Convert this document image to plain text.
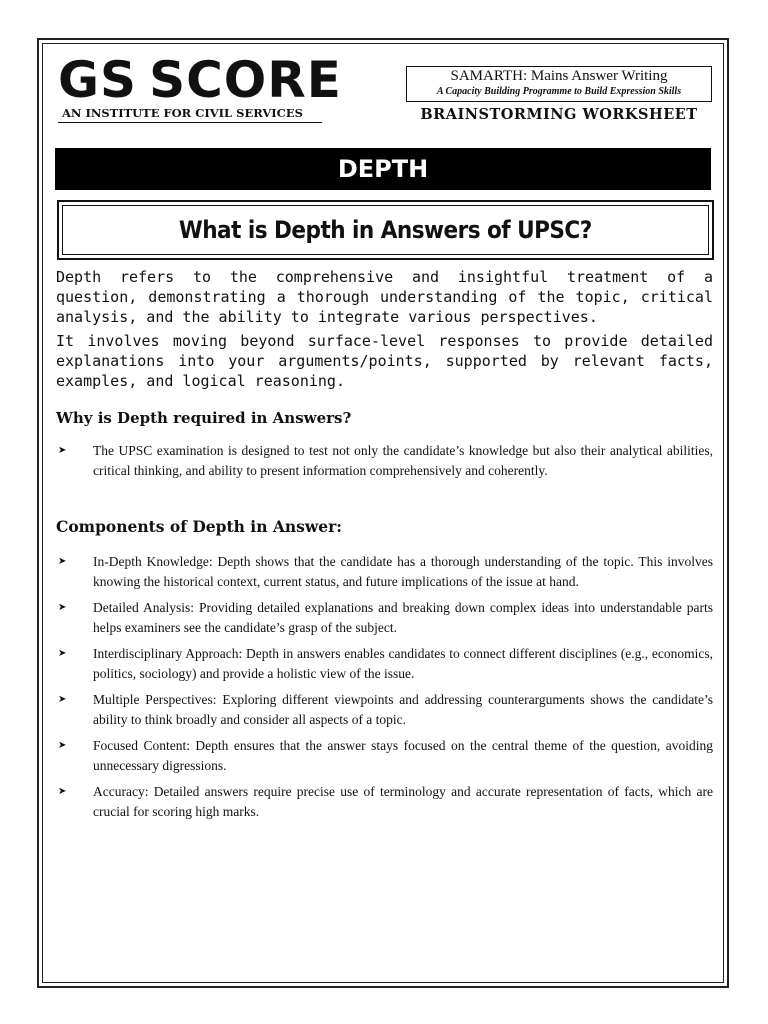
GS SCORE
AN INSTITUTE FOR CIVIL SERVICES
SAMARTH: Mains Answer Writing
A Capacity Building Programme to Build Expression Skills
BRAINSTORMING WORKSHEET
DEPTH
What is Depth in Answers of UPSC?

Depth refers to the comprehensive and insightful treatment of a question, demonstrating a thorough understanding of the topic, critical analysis, and the ability to integrate various perspectives.

It involves moving beyond surface-level responses to provide detailed explanations into your arguments/points, supported by relevant facts, examples, and logical reasoning.

Why is Depth required in Answers?
➤ The UPSC examination is designed to test not only the candidate’s knowledge but also their analytical abilities, critical thinking, and ability to present information comprehensively and coherently.
Components of Depth in Answer:
➤ In-Depth Knowledge: Depth shows that the candidate has a thorough understanding of the topic. This involves knowing the historical context, current status, and future implications of the issue at hand.
➤ Detailed Analysis: Providing detailed explanations and breaking down complex ideas into understandable parts helps examiners see the candidate’s grasp of the subject.
➤ Interdisciplinary Approach: Depth in answers enables candidates to connect different disciplines (e.g., economics, politics, sociology) and provide a holistic view of the issue.
➤ Multiple Perspectives: Exploring different viewpoints and addressing counterarguments shows the candidate’s ability to think broadly and consider all aspects of a topic.
➤ Focused Content: Depth ensures that the answer stays focused on the central theme of the question, avoiding unnecessary digressions.
➤ Accuracy: Detailed answers require precise use of terminology and accurate representation of facts, which are crucial for scoring high marks.
